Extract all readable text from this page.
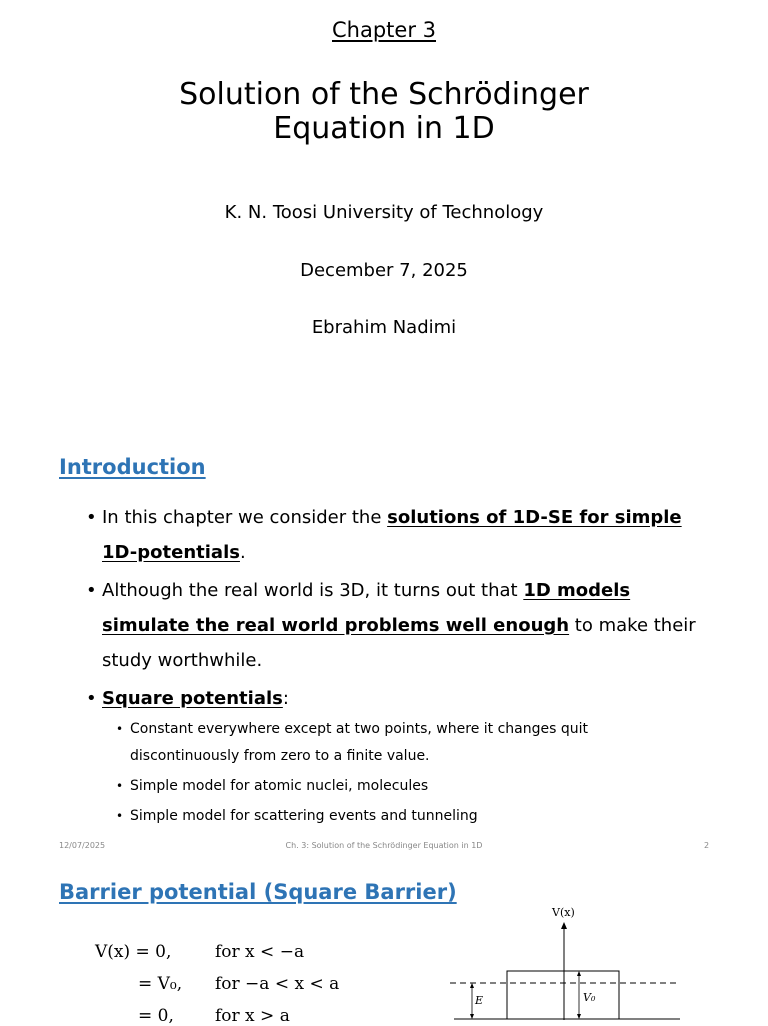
Chapter 3
Solution of the Schrödinger
Equation in 1D
K. N. Toosi University of Technology
December 7, 2025
Ebrahim Nadimi
Introduction
• In this chapter we consider the solutions of 1D-SE for simple 1D-potentials.
• Although the real world is 3D, it turns out that 1D models simulate the real world problems well enough to make their study worthwhile.
• Square potentials:
• Constant everywhere except at two points, where it changes quit discontinuously from zero to a finite value.
• Simple model for atomic nuclei, molecules
• Simple model for scattering events and tunneling
12/07/2025	Ch. 3: Solution of the Schrödinger Equation in 1D	2
Barrier potential (Square Barrier)
V(x) = 0,	for x < −a
= V₀, for −a < x < a
= 0, for x > a
V(x)
E	V₀
